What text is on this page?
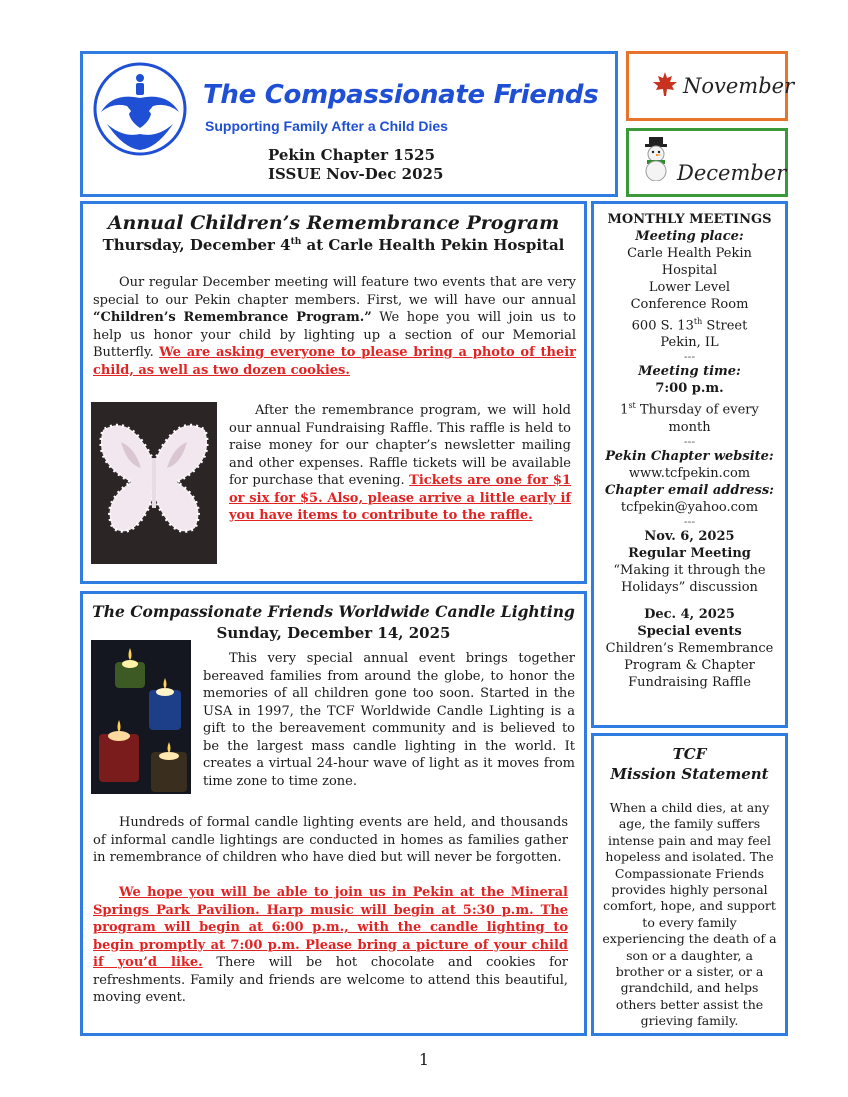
The Compassionate Friends
Supporting Family After a Child Dies
Pekin Chapter 1525
ISSUE Nov-Dec 2025
November
December
Annual Children’s Remembrance Program
Thursday, December 4th at Carle Health Pekin Hospital
Our regular December meeting will feature two events that are very special to our Pekin chapter members. First, we will have our annual “Children’s Remembrance Program.” We hope you will join us to help us honor your child by lighting up a section of our Memorial Butterfly. We are asking everyone to please bring a photo of their child, as well as two dozen cookies.
After the remembrance program, we will hold our annual Fundraising Raffle. This raffle is held to raise money for our chapter’s newsletter mailing and other expenses. Raffle tickets will be available for purchase that evening. Tickets are one for $1 or six for $5. Also, please arrive a little early if you have items to contribute to the raffle.
The Compassionate Friends Worldwide Candle Lighting
Sunday, December 14, 2025
This very special annual event brings together bereaved families from around the globe, to honor the memories of all children gone too soon. Started in the USA in 1997, the TCF Worldwide Candle Lighting is a gift to the bereavement community and is believed to be the largest mass candle lighting in the world. It creates a virtual 24-hour wave of light as it moves from time zone to time zone.
Hundreds of formal candle lighting events are held, and thousands of informal candle lightings are conducted in homes as families gather in remembrance of children who have died but will never be forgotten.
We hope you will be able to join us in Pekin at the Mineral Springs Park Pavilion. Harp music will begin at 5:30 p.m. The program will begin at 6:00 p.m., with the candle lighting to begin promptly at 7:00 p.m. Please bring a picture of your child if you’d like. There will be hot chocolate and cookies for refreshments. Family and friends are welcome to attend this beautiful, moving event.

MONTHLY MEETINGS

Meeting place:

Carle Health Pekin

Hospital

Lower Level

Conference Room

600 S. 13th Street

Pekin, IL

---

Meeting time:

7:00 p.m.

1st Thursday of every

month

---

Pekin Chapter website:

www.tcfpekin.com

Chapter email address:

tcfpekin@yahoo.com

---

Nov. 6, 2025

Regular Meeting

“Making it through the

Holidays” discussion

Dec. 4, 2025

Special events

Children’s Remembrance

Program & Chapter

Fundraising Raffle

TCF
Mission Statement
When a child dies, at any age, the family suffers intense pain and may feel hopeless and isolated. The Compassionate Friends provides highly personal comfort, hope, and support to every family experiencing the death of a son or a daughter, a brother or a sister, or a grandchild, and helps others better assist the grieving family.
1
